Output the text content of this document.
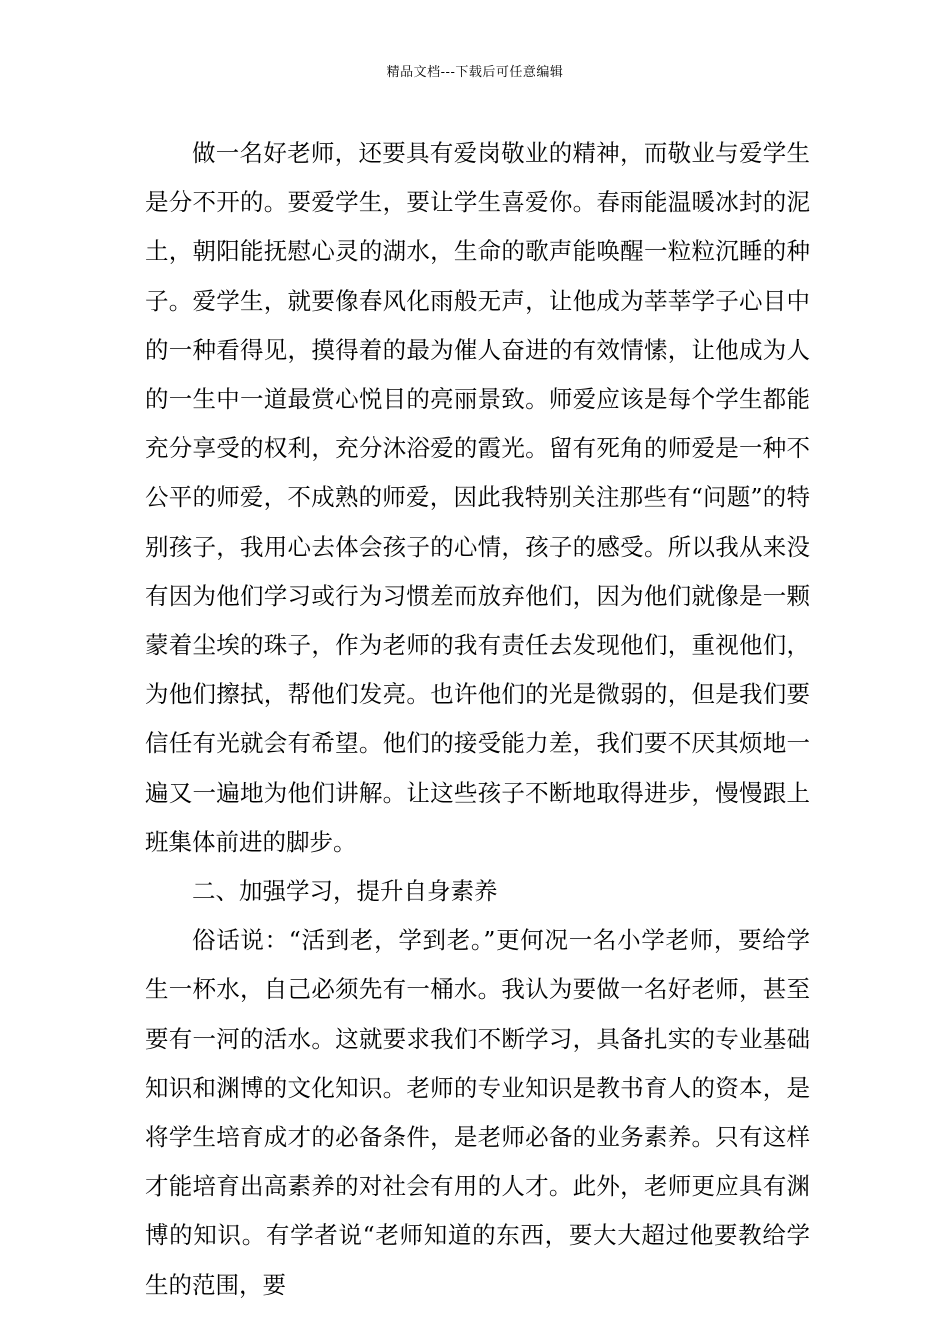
精品文档---下载后可任意编辑

做一名好老师，还要具有爱岗敬业的精神，而敬业与爱学生是分不开的。要爱学生，要让学生喜爱你。春雨能温暖冰封的泥土，朝阳能抚慰心灵的湖水，生命的歌声能唤醒一粒粒沉睡的种子。爱学生，就要像春风化雨般无声，让他成为莘莘学子心目中的一种看得见，摸得着的最为催人奋进的有效情愫，让他成为人的一生中一道最赏心悦目的亮丽景致。师爱应该是每个学生都能充分享受的权利，充分沐浴爱的霞光。留有死角的师爱是一种不公平的师爱，不成熟的师爱，因此我特别关注那些有“问题”的特别孩子，我用心去体会孩子的心情，孩子的感受。所以我从来没有因为他们学习或行为习惯差而放弃他们，因为他们就像是一颗蒙着尘埃的珠子，作为老师的我有责任去发现他们，重视他们，为他们擦拭，帮他们发亮。也许他们的光是微弱的，但是我们要信任有光就会有希望。他们的接受能力差，我们要不厌其烦地一遍又一遍地为他们讲解。让这些孩子不断地取得进步，慢慢跟上班集体前进的脚步。

二、加强学习，提升自身素养

俗话说：“活到老，学到老。”更何况一名小学老师，要给学生一杯水，自己必须先有一桶水。我认为要做一名好老师，甚至要有一河的活水。这就要求我们不断学习，具备扎实的专业基础知识和渊博的文化知识。老师的专业知识是教书育人的资本，是将学生培育成才的必备条件，是老师必备的业务素养。只有这样才能培育出高素养的对社会有用的人才。此外，老师更应具有渊博的知识。有学者说“老师知道的东西，要大大超过他要教给学生的范围，要
